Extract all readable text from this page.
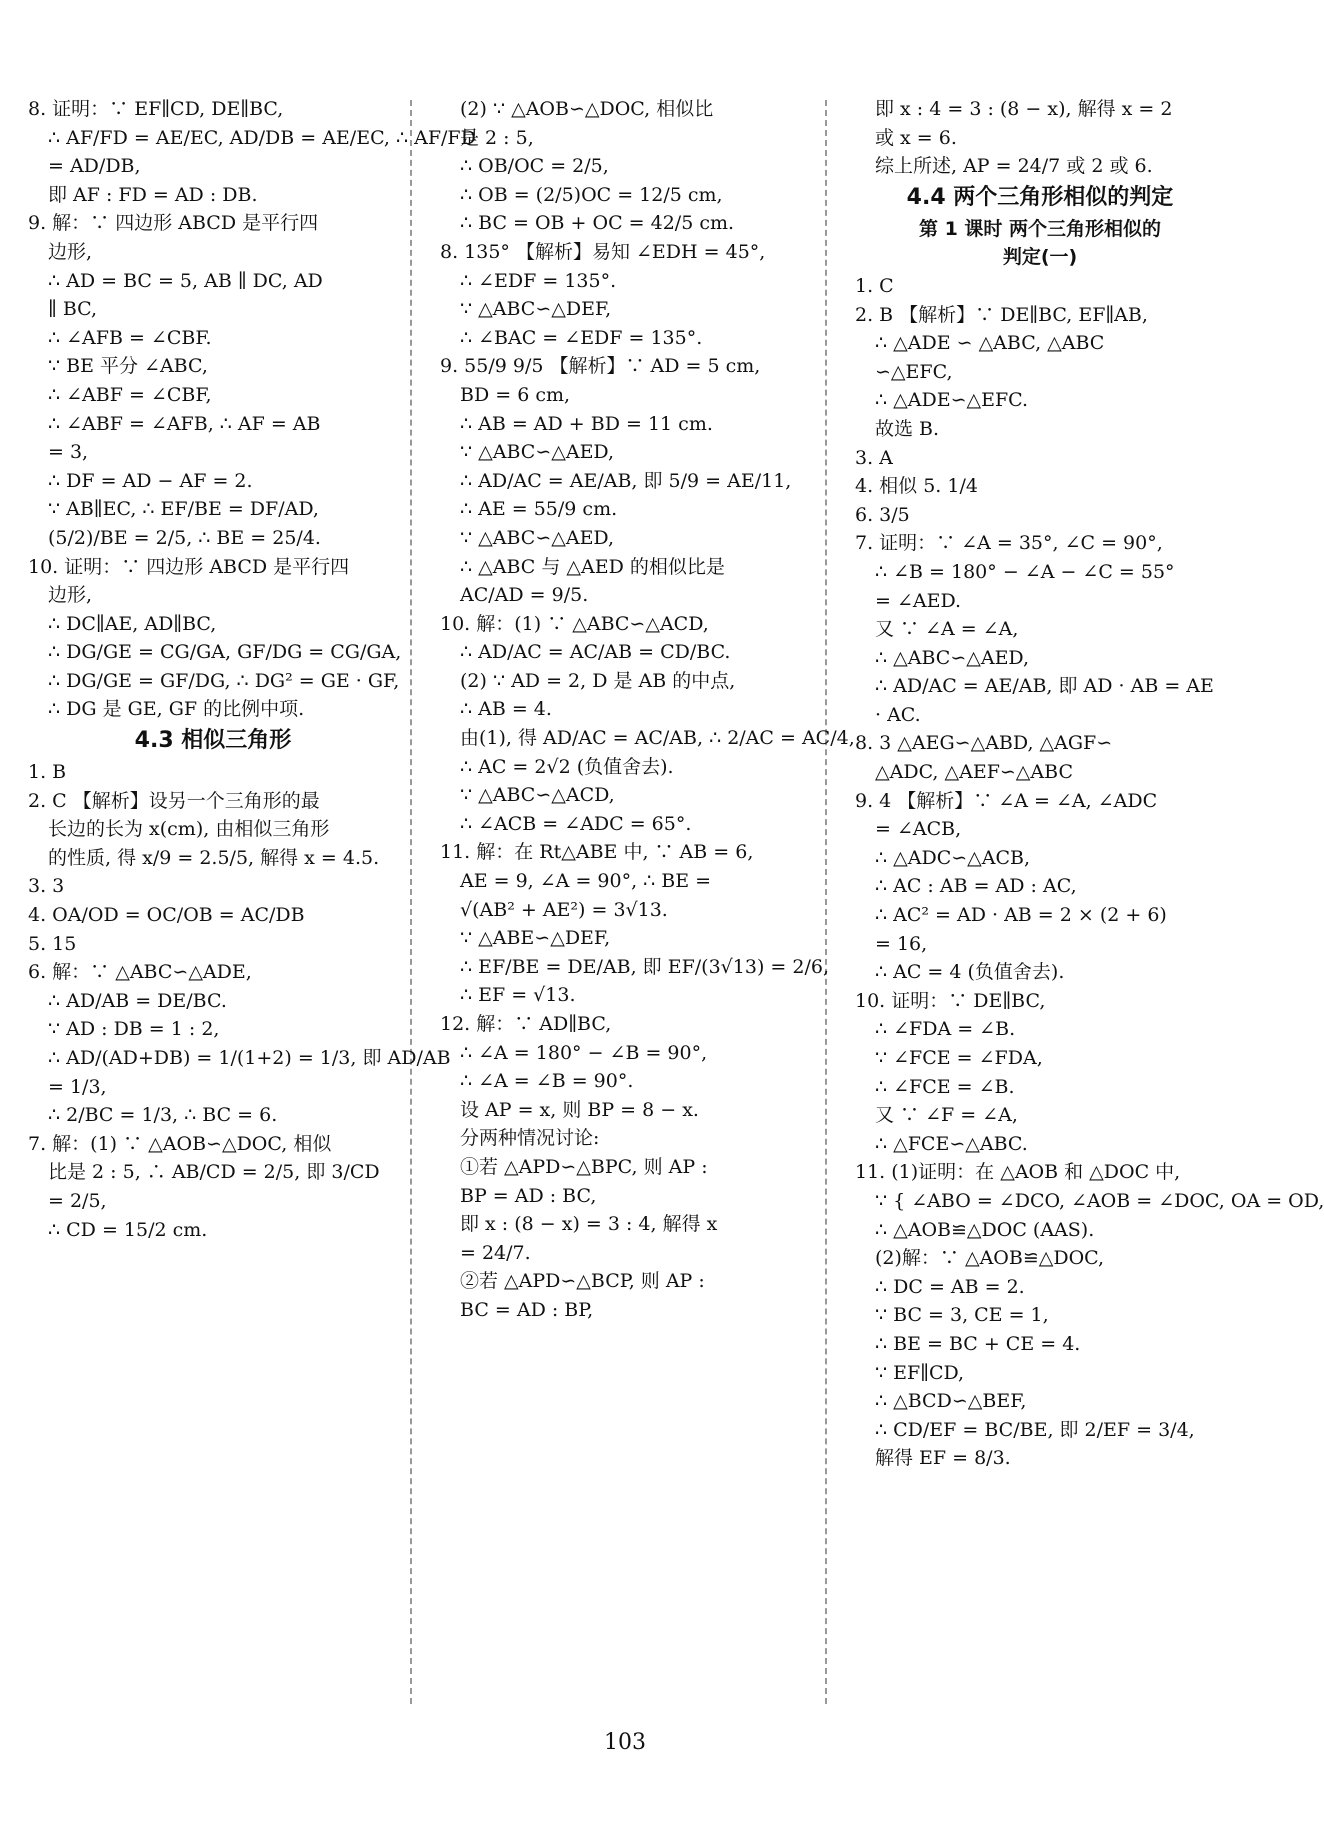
8. 证明：∵ EF∥CD, DE∥BC,
∴ AF/FD = AE/EC, AD/DB = AE/EC, ∴ AF/FD
= AD/DB,
即 AF : FD = AD : DB.
9. 解：∵ 四边形 ABCD 是平行四
边形,
∴ AD = BC = 5, AB ∥ DC, AD
∥ BC,
∴ ∠AFB = ∠CBF.
∵ BE 平分 ∠ABC,
∴ ∠ABF = ∠CBF,
∴ ∠ABF = ∠AFB, ∴ AF = AB
= 3,
∴ DF = AD − AF = 2.
∵ AB∥EC, ∴ EF/BE = DF/AD,
(5/2)/BE = 2/5, ∴ BE = 25/4.
10. 证明：∵ 四边形 ABCD 是平行四
边形,
∴ DC∥AE, AD∥BC,
∴ DG/GE = CG/GA, GF/DG = CG/GA,
∴ DG/GE = GF/DG, ∴ DG² = GE · GF,
∴ DG 是 GE, GF 的比例中项.
4.3 相似三角形
1. B
2. C 【解析】设另一个三角形的最
长边的长为 x(cm), 由相似三角形
的性质, 得 x/9 = 2.5/5, 解得 x = 4.5.
3. 3
4. OA/OD = OC/OB = AC/DB
5. 15
6. 解：∵ △ABC∽△ADE,
∴ AD/AB = DE/BC.
∵ AD : DB = 1 : 2,
∴ AD/(AD+DB) = 1/(1+2) = 1/3, 即 AD/AB
= 1/3,
∴ 2/BC = 1/3, ∴ BC = 6.
7. 解：(1) ∵ △AOB∽△DOC, 相似
比是 2 : 5, ∴ AB/CD = 2/5, 即 3/CD
= 2/5,
∴ CD = 15/2 cm.
(2) ∵ △AOB∽△DOC, 相似比
是 2 : 5,
∴ OB/OC = 2/5,
∴ OB = (2/5)OC = 12/5 cm,
∴ BC = OB + OC = 42/5 cm.
8. 135° 【解析】易知 ∠EDH = 45°,
∴ ∠EDF = 135°.
∵ △ABC∽△DEF,
∴ ∠BAC = ∠EDF = 135°.
9. 55/9 9/5 【解析】∵ AD = 5 cm,
BD = 6 cm,
∴ AB = AD + BD = 11 cm.
∵ △ABC∽△AED,
∴ AD/AC = AE/AB, 即 5/9 = AE/11,
∴ AE = 55/9 cm.
∵ △ABC∽△AED,
∴ △ABC 与 △AED 的相似比是
AC/AD = 9/5.
10. 解：(1) ∵ △ABC∽△ACD,
∴ AD/AC = AC/AB = CD/BC.
(2) ∵ AD = 2, D 是 AB 的中点,
∴ AB = 4.
由(1), 得 AD/AC = AC/AB, ∴ 2/AC = AC/4,
∴ AC = 2√2 (负值舍去).
∵ △ABC∽△ACD,
∴ ∠ACB = ∠ADC = 65°.
11. 解：在 Rt△ABE 中, ∵ AB = 6,
AE = 9, ∠A = 90°, ∴ BE =
√(AB² + AE²) = 3√13.
∵ △ABE∽△DEF,
∴ EF/BE = DE/AB, 即 EF/(3√13) = 2/6,
∴ EF = √13.
12. 解：∵ AD∥BC,
∴ ∠A = 180° − ∠B = 90°,
∴ ∠A = ∠B = 90°.
设 AP = x, 则 BP = 8 − x.
分两种情况讨论:
①若 △APD∽△BPC, 则 AP :
BP = AD : BC,
即 x : (8 − x) = 3 : 4, 解得 x
= 24/7.
②若 △APD∽△BCP, 则 AP :
BC = AD : BP,
即 x : 4 = 3 : (8 − x), 解得 x = 2
或 x = 6.
综上所述, AP = 24/7 或 2 或 6.
4.4 两个三角形相似的判定
第 1 课时 两个三角形相似的
判定(一)
1. C
2. B 【解析】∵ DE∥BC, EF∥AB,
∴ △ADE ∽ △ABC, △ABC
∽△EFC,
∴ △ADE∽△EFC.
故选 B.
3. A
4. 相似 5. 1/4
6. 3/5
7. 证明：∵ ∠A = 35°, ∠C = 90°,
∴ ∠B = 180° − ∠A − ∠C = 55°
= ∠AED.
又 ∵ ∠A = ∠A,
∴ △ABC∽△AED,
∴ AD/AC = AE/AB, 即 AD · AB = AE
· AC.
8. 3 △AEG∽△ABD, △AGF∽
△ADC, △AEF∽△ABC
9. 4 【解析】∵ ∠A = ∠A, ∠ADC
= ∠ACB,
∴ △ADC∽△ACB,
∴ AC : AB = AD : AC,
∴ AC² = AD · AB = 2 × (2 + 6)
= 16,
∴ AC = 4 (负值舍去).
10. 证明：∵ DE∥BC,
∴ ∠FDA = ∠B.
∵ ∠FCE = ∠FDA,
∴ ∠FCE = ∠B.
又 ∵ ∠F = ∠A,
∴ △FCE∽△ABC.
11. (1)证明：在 △AOB 和 △DOC 中,
∵ { ∠ABO = ∠DCO, ∠AOB = ∠DOC, OA = OD,
∴ △AOB≌△DOC (AAS).
(2)解：∵ △AOB≌△DOC,
∴ DC = AB = 2.
∵ BC = 3, CE = 1,
∴ BE = BC + CE = 4.
∵ EF∥CD,
∴ △BCD∽△BEF,
∴ CD/EF = BC/BE, 即 2/EF = 3/4,
解得 EF = 8/3.
103
